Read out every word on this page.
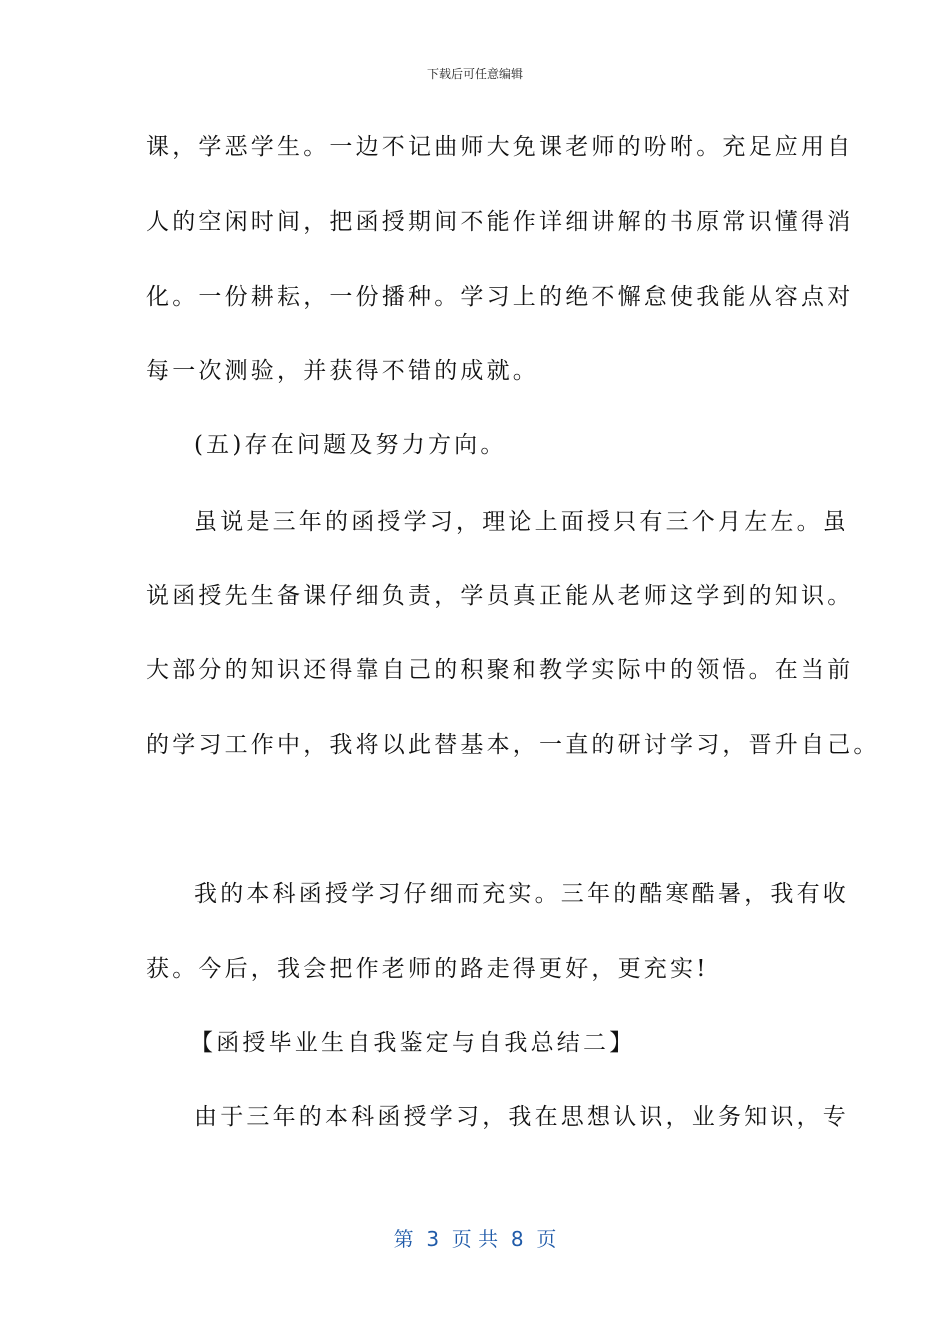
下载后可任意编辑
课，学恶学生。一边不记曲师大免课老师的吩咐。充足应用自
人的空闲时间，把函授期间不能作详细讲解的书原常识懂得消
化。一份耕耘，一份播种。学习上的绝不懈怠使我能从容点对
每一次测验，并获得不错的成就。
(五)存在问题及努力方向。
虽说是三年的函授学习，理论上面授只有三个月左左。虽
说函授先生备课仔细负责，学员真正能从老师这学到的知识。
大部分的知识还得靠自己的积聚和教学实际中的领悟。在当前
的学习工作中，我将以此替基本，一直的研讨学习，晋升自己。
我的本科函授学习仔细而充实。三年的酷寒酷暑，我有收
获。今后，我会把作老师的路走得更好，更充实!
【函授毕业生自我鉴定与自我总结二】
由于三年的本科函授学习，我在思想认识，业务知识，专
第  3  页 共  8  页
